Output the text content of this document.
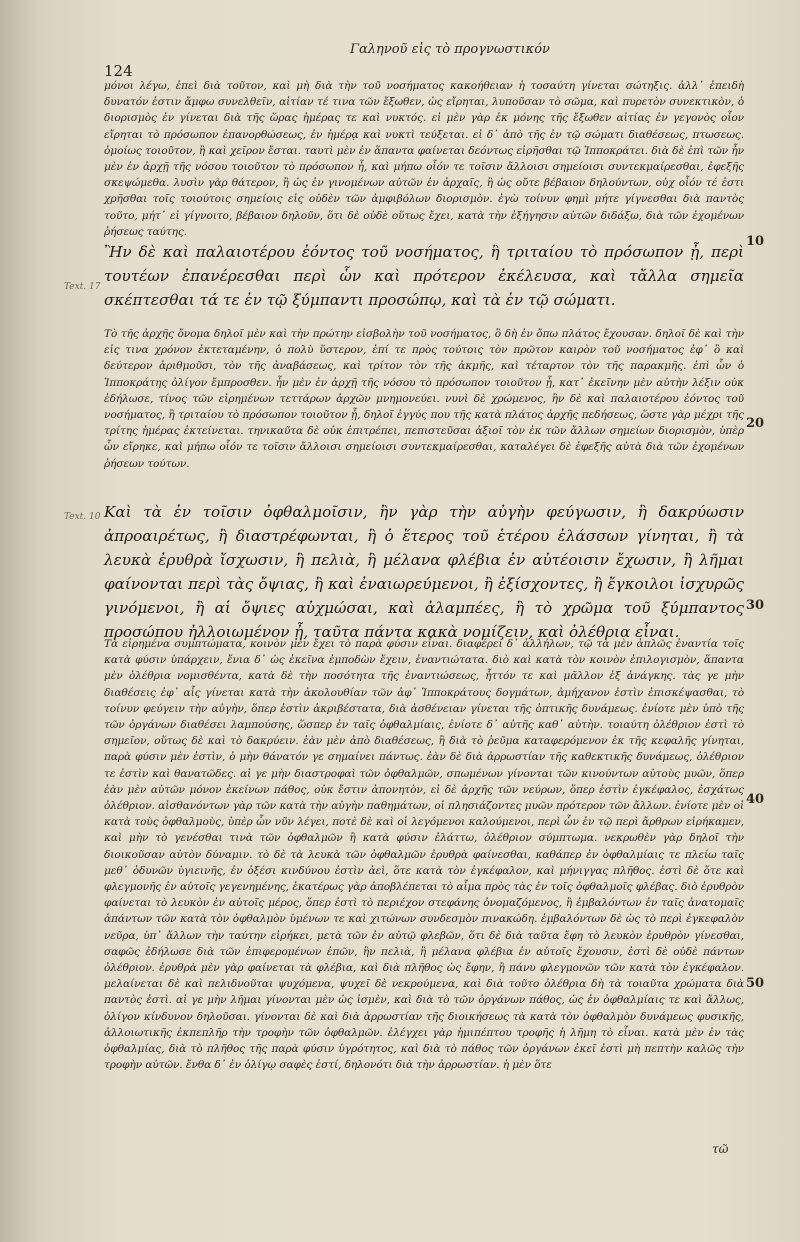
Γαληνοῦ εἰς τὸ προγνωστικόν
124
Text. 17
Text. 10
10
20
30
40
50

μόνοι λέγω, ἐπεὶ διὰ τοῦτον, καὶ μὴ διὰ τὴν τοῦ νοσήματος κακοήθειαν ἡ τοσαύτη γίνεται σώτηξις. ἀλλ᾽ ἐπειδὴ δυνατόν ἐστιν ἄμφω συνελθεῖν, αἰτίαν τέ τινα τῶν ἔξωθεν, ὡς εἴρηται, λυποῦσαν τὸ σῶμα, καὶ πυρετὸν συνεκτικὸν, ὁ διορισμὸς ἐν γίνεται διὰ τῆς ὥρας ἡμέρας τε καὶ νυκτός. εἰ μὲν γὰρ ἐκ μόνης τῆς ἔξωθεν αἰτίας ἐν γεγονὸς οἷον εἴρηται τὸ πρόσωπον ἐπανορθώσεως, ἐν ἡμέρᾳ καὶ νυκτὶ τεύξεται. εἰ δ᾽ ἀπὸ τῆς ἐν τῷ σώματι διαθέσεως, πτωσεως. ὁμοίως τοιοῦτον, ἢ καὶ χεῖρον ἔσται. ταυτὶ μὲν ἐν ἅπαντα φαίνεται δεόντως εἰρῆσθαι τῷ Ἱπποκράτει. διὰ δὲ ἐπὶ τῶν ἦν μὲν ἐν ἀρχῇ τῆς νόσου τοιοῦτον τὸ πρόσωπον ἦ, καὶ μήπω οἷόν τε τοῖσιν ἄλλοισι σημείοισι συντεκμαίρεσθαι, ἐφεξῆς σκεψώμεθα. λυσὶν γὰρ θάτερον, ἢ ὡς ἐν γινομένων αὐτῶν ἐν ἀρχαῖς, ἢ ὡς οὔτε βέβαιον δηλούντων, οὐχ οἷόν τέ ἐστι χρῆσθαι τοῖς τοιούτοις σημείοις εἰς οὐδὲν τῶν ἀμφιβόλων διορισμὸν. ἐγὼ τοίνυν φημὶ μήτε γίγνεσθαι διὰ παντὸς τοῦτο, μήτ᾽ εἰ γίγνοιτο, βέβαιον δηλοῦν, ὅτι δὲ οὐδὲ οὕτως ἔχει, κατὰ τὴν ἐξήγησιν αὐτῶν διδάξω, διὰ τῶν ἐχομένων ῥήσεως ταύτης.

Ἢν δὲ καὶ παλαιοτέρου ἐόντος τοῦ νοσήματος, ἢ τριταίου τὸ πρόσωπον ᾖ, περὶ τουτέων ἐπανέρεσθαι περὶ ὧν καὶ πρότερον ἐκέλευσα, καὶ τἄλλα σημεῖα σκέπτεσθαι τά τε ἐν τῷ ξύμπαντι προσώπῳ, καὶ τὰ ἐν τῷ σώματι.

Τὸ τῆς ἀρχῆς ὄνομα δηλοῖ μὲν καὶ τὴν πρώτην εἰσβολὴν τοῦ νοσήματος, ὃ δὴ ἐν ὄπω πλάτος ἔχουσαν. δηλοῖ δὲ καὶ τὴν εἰς τινα χρόνον ἐκτεταμένην, ὁ πολὺ ὕστερον, ἐπί τε πρὸς τούτοις τὸν πρῶτον καιρὸν τοῦ νοσήματος ἐφ᾽ ὃ καὶ δεύτερον ἀριθμοῦσι, τὸν τῆς ἀναβάσεως, καὶ τρίτον τὸν τῆς ἀκμῆς, καὶ τέταρτον τὸν τῆς παρακμῆς. ἐπὶ ὧν ὁ Ἱπποκράτης ὀλίγον ἔμπροσθεν. ἦν μὲν ἐν ἀρχῇ τῆς νόσου τὸ πρόσωπον τοιοῦτον ᾖ, κατ᾽ ἐκεῖνην μὲν αὐτὴν λέξιν οὐκ ἐδήλωσε, τίνος τῶν εἰρημένων τεττάρων ἀρχῶν μνημονεύει. νυνὶ δὲ χρώμενος, ἢν δὲ καὶ παλαιοτέρου ἐόντος τοῦ νοσήματος, ἢ τριταίου τὸ πρόσωπον τοιοῦτον ᾖ, δηλοῖ ἐγγύς που τῆς κατὰ πλάτος ἀρχῆς πεδήσεως, ὥστε γὰρ μέχρι τῆς τρίτης ἡμέρας ἐκτείνεται. τηνικαῦτα δὲ οὐκ ἐπιτρέπει, πεπιστεῦσαι ἀξιοῖ τὸν ἐκ τῶν ἄλλων σημείων διορισμὸν, ὑπὲρ ὧν εἴρηκε, καὶ μήπω οἷόν τε τοῖσιν ἄλλοισι σημείοισι συντεκμαίρεσθαι, καταλέγει δὲ ἐφεξῆς αὐτὰ διὰ τῶν ἐχομένων ῥήσεων τούτων.

Καὶ τὰ ἐν τοῖσιν ὀφθαλμοῖσιν, ἢν γὰρ τὴν αὐγὴν φεύγωσιν, ἢ δακρύωσιν ἀπροαιρέτως, ἢ διαστρέφωνται, ἢ ὁ ἕτερος τοῦ ἑτέρου ἐλάσσων γίνηται, ἢ τὰ λευκὰ ἐρυθρὰ ἴσχωσιν, ἢ πελιὰ, ἢ μέλανα φλέβια ἐν αὐτέοισιν ἔχωσιν, ἢ λῆμαι φαίνονται περὶ τὰς ὄψιας, ἢ καὶ ἐναιωρεύμενοι, ἢ ἐξίσχοντες, ἢ ἔγκοιλοι ἰσχυρῶς γινόμενοι, ἢ αἱ ὄψιες αὐχμώσαι, καὶ ἀλαμπέες, ἢ τὸ χρῶμα τοῦ ξύμπαντος προσώπου ἠλλοιωμένον ᾖ, ταῦτα πάντα κακὰ νομίζειν, καὶ ὀλέθρια εἶναι.

Τὰ εἰρημένα συμπτώματα, κοινὸν μὲν ἔχει τὸ παρὰ φύσιν εἶναι. διαφέρει δ᾽ ἀλλήλων, τῷ τὰ μὲν ἁπλῶς ἐναντία τοῖς κατὰ φύσιν ὑπάρχειν, ἔνια δ᾽ ὡς ἐκεῖνα ἐμποδὼν ἔχειν, ἐναντιώτατα. διὸ καὶ κατὰ τὸν κοινὸν ἐπιλογισμὸν, ἅπαντα μὲν ὀλέθρια νομισθέντα, κατὰ δὲ τὴν ποσότητα τῆς ἐναντιώσεως, ἧττόν τε καὶ μᾶλλον ἐξ ἀνάγκης. τὰς γε μὴν διαθέσεις ἐφ᾽ αἷς γίνεται κατὰ τὴν ἀκολουθίαν τῶν ἀφ᾽ Ἱπποκράτους δογμάτων, ἀμήχανον ἐστὶν ἐπισκέψασθαι, τὸ τοίνυν φεύγειν τὴν αὐγὴν, ὅπερ ἐστὶν ἀκριβέστατα, διὰ ἀσθένειαν γίνεται τῆς ὀπτικῆς δυνάμεως. ἐνίοτε μὲν ὑπὸ τῆς τῶν ὀργάνων διαθέσει λαμπούσης, ὥσπερ ἐν ταῖς ὀφθαλμίαις, ἐνίοτε δ᾽ αὐτῆς καθ᾽ αὑτὴν. τοιαύτη ὀλέθριον ἐστὶ τὸ σημεῖον, οὕτως δὲ καὶ τὸ δακρύειν. ἐὰν μὲν ἀπὸ διαθέσεως, ἢ διὰ τὸ ῥεῦμα καταφερόμενον ἐκ τῆς κεφαλῆς γίνηται, παρὰ φύσιν μὲν ἐστὶν, ὁ μὴν θάνατόν γε σημαίνει πάντως. ἐὰν δὲ διὰ ἀρρωστίαν τῆς καθεκτικῆς δυνάμεως, ὀλέθριον τε ἐστὶν καὶ θανατῶδες. αἱ γε μὴν διαστροφαὶ τῶν ὀφθαλμῶν, σπωμένων γίνονται τῶν κινούντων αὐτοὺς μυῶν, ὅπερ ἐὰν μὲν αὐτῶν μόνον ἐκείνων πάθος, οὐκ ἔστιν ἀπονητὸν, εἰ δὲ ἀρχῆς τῶν νεύρων, ὅπερ ἐστὶν ἐγκέφαλος, ἐσχάτως ὀλέθριον. αἰσθανόντων γὰρ τῶν κατὰ τὴν αὐγὴν παθημάτων, οἱ πλησιάζοντες μυῶν πρότερον τῶν ἄλλων. ἐνίοτε μὲν οἱ κατὰ τοὺς ὀφθαλμοὺς, ὑπὲρ ὧν νῦν λέγει, ποτὲ δὲ καὶ οἱ λεγόμενοι καλούμενοι, περὶ ὧν ἐν τῷ περὶ ἄρθρων εἰρήκαμεν, καὶ μὴν τὸ γενέσθαι τινὰ τῶν ὀφθαλμῶν ἢ κατὰ φύσιν ἐλάττω, ὀλέθριον σύμπτωμα. νεκρωθὲν γὰρ δηλοῖ τὴν διοικοῦσαν αὐτὸν δύναμιν. τὸ δὲ τὰ λευκὰ τῶν ὀφθαλμῶν ἐρυθρὰ φαίνεσθαι, καθάπερ ἐν ὀφθαλμίαις τε πλείω ταῖς μεθ᾽ ὀδυνῶν ὑγιεινῆς, ἐν ὀξέσι κινδύνου ἐστὶν ἀεὶ, ὅτε κατὰ τὸν ἐγκέφαλον, καὶ μήνιγγας πλῆθος. ἐστὶ δὲ ὅτε καὶ φλεγμονῆς ἐν αὐτοῖς γεγενημένης, ἑκατέρως γὰρ ἀποβλέπεται τὸ αἷμα πρὸς τὰς ἐν τοῖς ὀφθαλμοῖς φλέβας. διὸ ἐρυθρὸν φαίνεται τὸ λευκὸν ἐν αὐτοῖς μέρος, ὅπερ ἐστὶ τὸ περιέχον στεφάνης ὀνομαζόμενος, ἢ ἐμβαλόντων ἐν ταῖς ἀνατομαῖς ἁπάντων τῶν κατὰ τὸν ὀφθαλμὸν ὑμένων τε καὶ χιτώνων συνδεσμὸν πινακώδη. ἐμβαλόντων δὲ ὡς τὸ περὶ ἐγκεφαλὸν νεῦρα, ὑπ᾽ ἄλλων τὴν ταύτην εἰρήκει, μετὰ τῶν ἐν αὐτῷ φλεβῶν, ὅτι δὲ διὰ ταῦτα ἔφη τὸ λευκὸν ἐρυθρὸν γίνεσθαι, σαφῶς ἐδήλωσε διὰ τῶν ἐπιφερομένων ἐπῶν, ἢν πελιὰ, ἢ μέλανα φλέβια ἐν αὐτοῖς ἔχουσιν, ἐστὶ δὲ οὐδὲ πάντων ὀλέθριον. ἐρυθρὰ μὲν γὰρ φαίνεται τὰ φλέβια, καὶ διὰ πλῆθος ὡς ἔφην, ἢ πάνυ φλεγμονῶν τῶν κατὰ τὸν ἐγκέφαλον. μελαίνεται δὲ καὶ πελιδνοῦται ψυχόμενα, ψυχεῖ δὲ νεκρούμενα, καὶ διὰ τοῦτο ὀλέθρια δὴ τὰ τοιαῦτα χρώματα διὰ παντὸς ἐστὶ. αἱ γε μὴν λῆμαι γίνονται μὲν ὡς ἰσμὲν, καὶ διὰ τὸ τῶν ὀργάνων πάθος, ὡς ἐν ὀφθαλμίαις τε καὶ ἄλλως, ὀλίγον κίνδυνον δηλοῦσαι. γίνονται δὲ καὶ διὰ ἀρρωστίαν τῆς διοικήσεως τὰ κατὰ τὸν ὀφθαλμὸν δυνάμεως φυσικῆς, ἀλλοιωτικῆς ἐκπεπλῆρ τὴν τροφὴν τῶν ὀφθαλμῶν. ἐλέγχει γὰρ ἡμιπέπτου τροφῆς ἡ λῆμη τὸ εἶναι. κατὰ μὲν ἐν τὰς ὀφθαλμίας, διὰ τὸ πλῆθος τῆς παρὰ φύσιν ὑγρότητος, καὶ διὰ τὸ πάθος τῶν ὀργάνων ἐκεῖ ἐστὶ μὴ πεπτὴν καλῶς τὴν τροφὴν αὐτῶν. ἔνθα δ᾽ ἐν ὀλίγῳ σαφὲς ἐστί, δηλονότι διὰ τὴν ἀρρωστίαν. ἡ μὲν ὅτε

τῶ
